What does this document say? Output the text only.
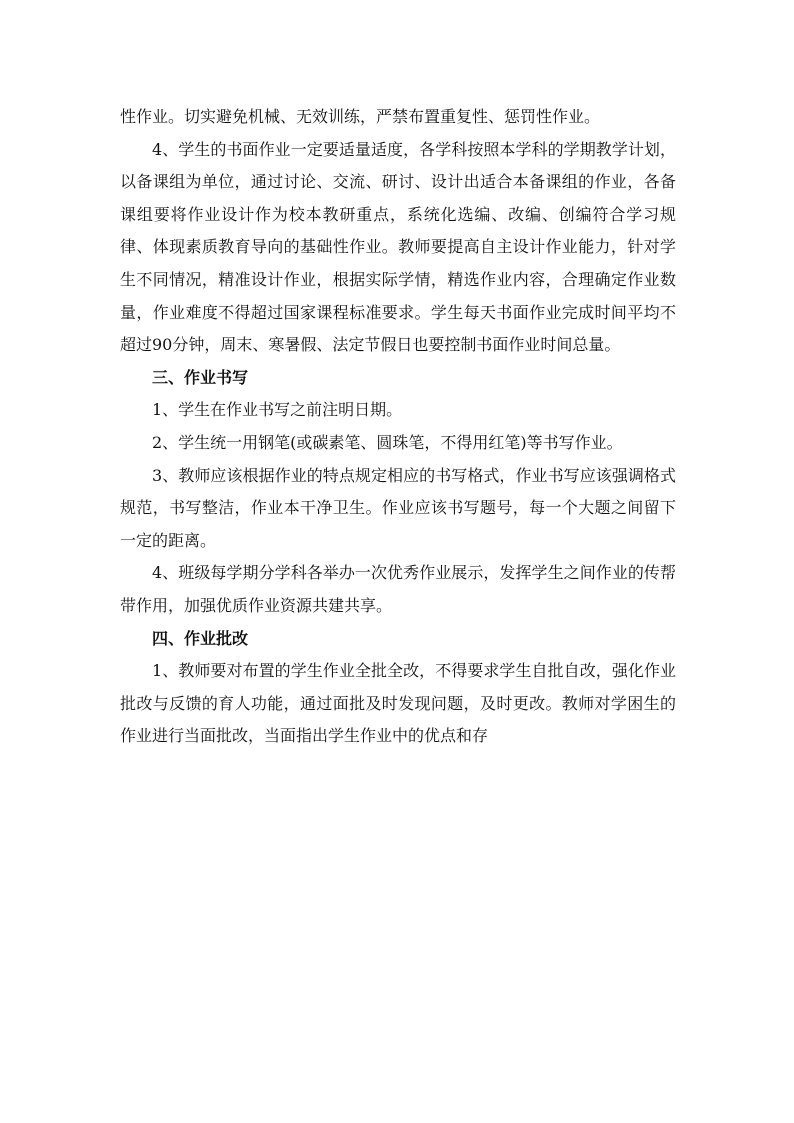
性作业。切实避免机械、无效训练，严禁布置重复性、惩罚性作业。

4、学生的书面作业一定要适量适度，各学科按照本学科的学期教学计划，以备课组为单位，通过讨论、交流、研讨、设计出适合本备课组的作业，各备课组要将作业设计作为校本教研重点，系统化选编、改编、创编符合学习规律、体现素质教育导向的基础性作业。教师要提高自主设计作业能力，针对学生不同情况，精准设计作业，根据实际学情，精选作业内容，合理确定作业数量，作业难度不得超过国家课程标准要求。学生每天书面作业完成时间平均不超过90分钟，周末、寒暑假、法定节假日也要控制书面作业时间总量。

三、作业书写

1、学生在作业书写之前注明日期。

2、学生统一用钢笔(或碳素笔、圆珠笔，不得用红笔)等书写作业。

3、教师应该根据作业的特点规定相应的书写格式，作业书写应该强调格式规范，书写整洁，作业本干净卫生。作业应该书写题号，每一个大题之间留下一定的距离。

4、班级每学期分学科各举办一次优秀作业展示，发挥学生之间作业的传帮带作用，加强优质作业资源共建共享。

四、作业批改

1、教师要对布置的学生作业全批全改，不得要求学生自批自改，强化作业批改与反馈的育人功能，通过面批及时发现问题，及时更改。教师对学困生的作业进行当面批改，当面指出学生作业中的优点和存
